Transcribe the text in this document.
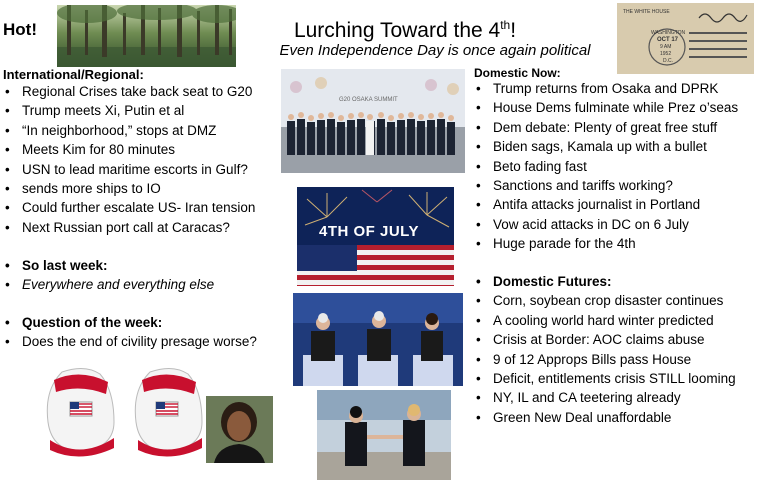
Hot!	Lurching Toward the 4th!
Even Independence Day is once again political
THE WHITE HOUSE
WASHINGTON
OCT 17
9 AM
1952
D.C.
International/Regional:
• Regional Crises take back seat to G20
• Trump meets Xi, Putin et al
• “In neighborhood,” stops at DMZ
• Meets Kim for 80 minutes
• USN to lead maritime escorts in Gulf?
• sends more ships to IO
• Could further escalate US- Iran tension
• Next Russian port call at Caracas?
• So last week:
• Everywhere and everything else
• Question of the week:
• Does the end of civility presage worse?
G20 OSAKA SUMMIT
4TH OF JULY
Domestic Now:
• Trump returns from Osaka and DPRK
• House Dems fulminate while Prez o’seas
• Dem debate: Plenty of great free stuff
• Biden sags, Kamala up with a bullet
• Beto fading fast
• Sanctions and tariffs working?
• Antifa attacks journalist in Portland
• Vow acid attacks in DC on 6 July
• Huge parade for the 4th
• Domestic Futures:
• Corn, soybean crop disaster continues
• A cooling world hard winter predicted
• Crisis at Border: AOC claims abuse
• 9 of 12 Approps Bills pass House
• Deficit, entitlements crisis STILL looming
• NY, IL and CA teetering already
• Green New Deal unaffordable
